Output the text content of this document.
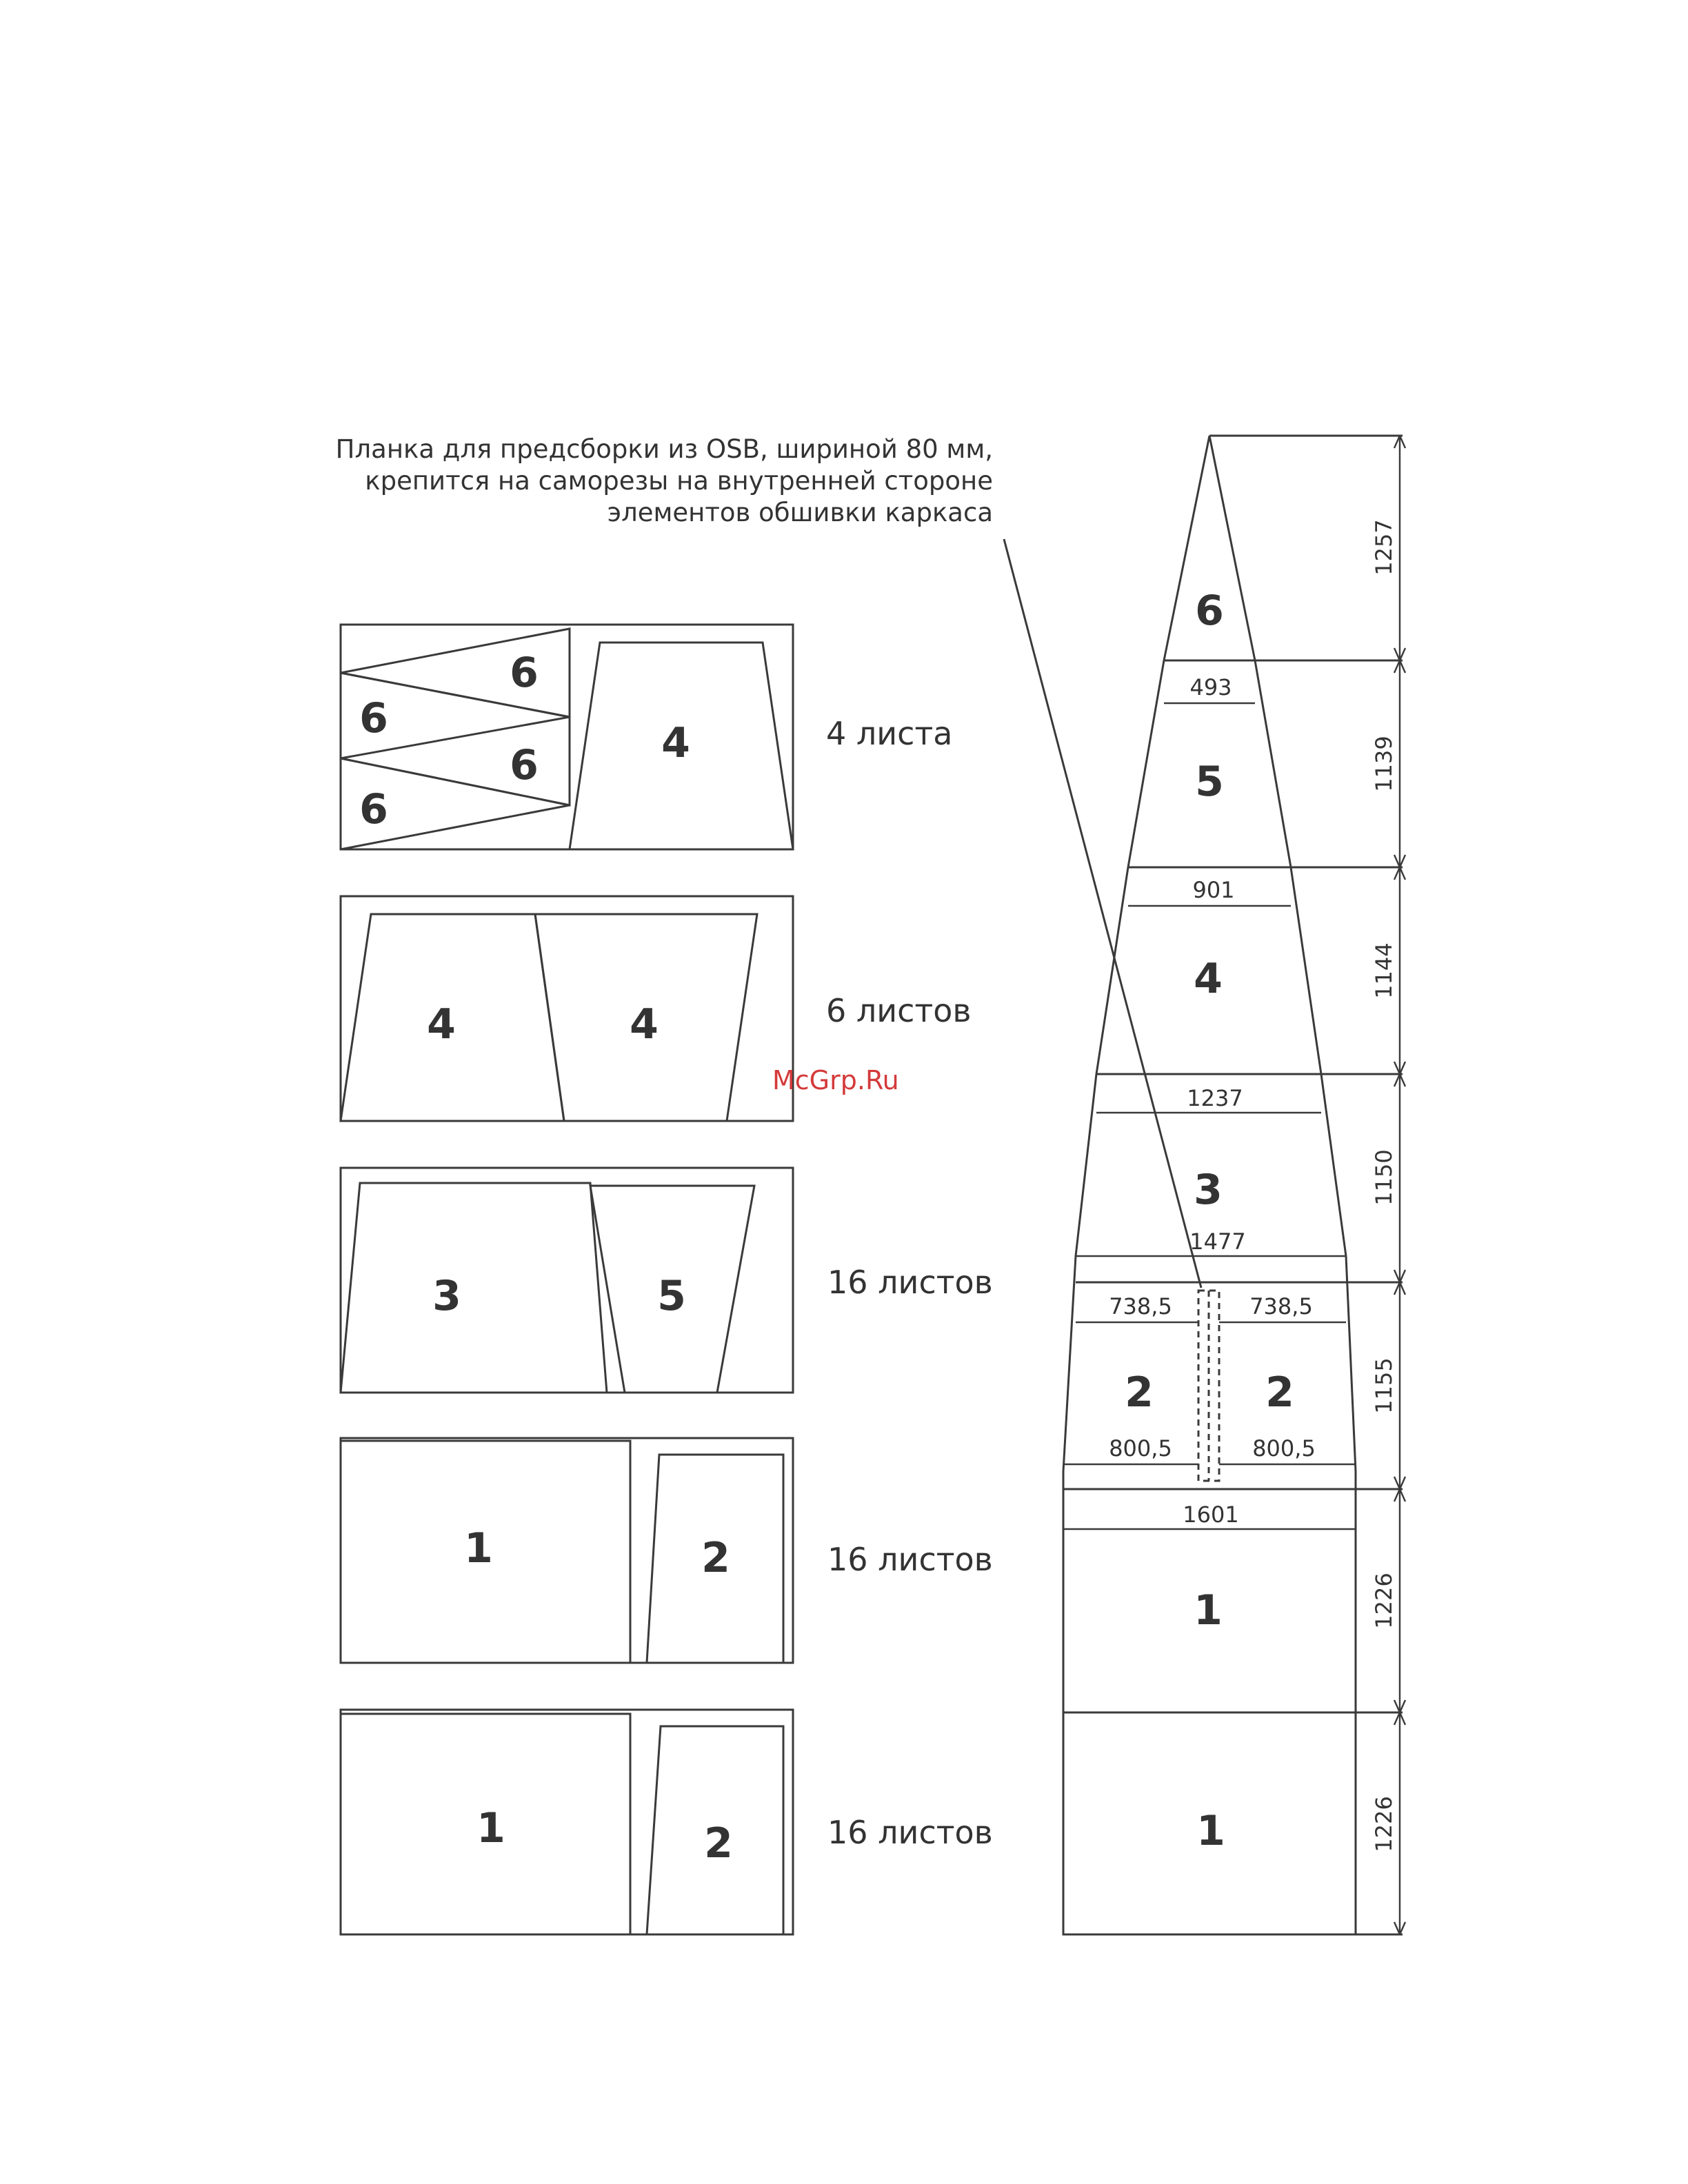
Планка для предсборки из OSB, шириной 80 мм,
крепится на саморезы на внутренней стороне
элементов обшивки каркаса
6
6
6
6
4	4 листа
4	4	6 листов
3	5	16 листов
1	2	16 листов
1	2	16 листов
McGrp.Ru
6
5
4
3
2	2
1
1
493
901
1237
1477
738,5	738,5
800,5	800,5
1601
1257
1139
1144
1150
1155
1226
1226
